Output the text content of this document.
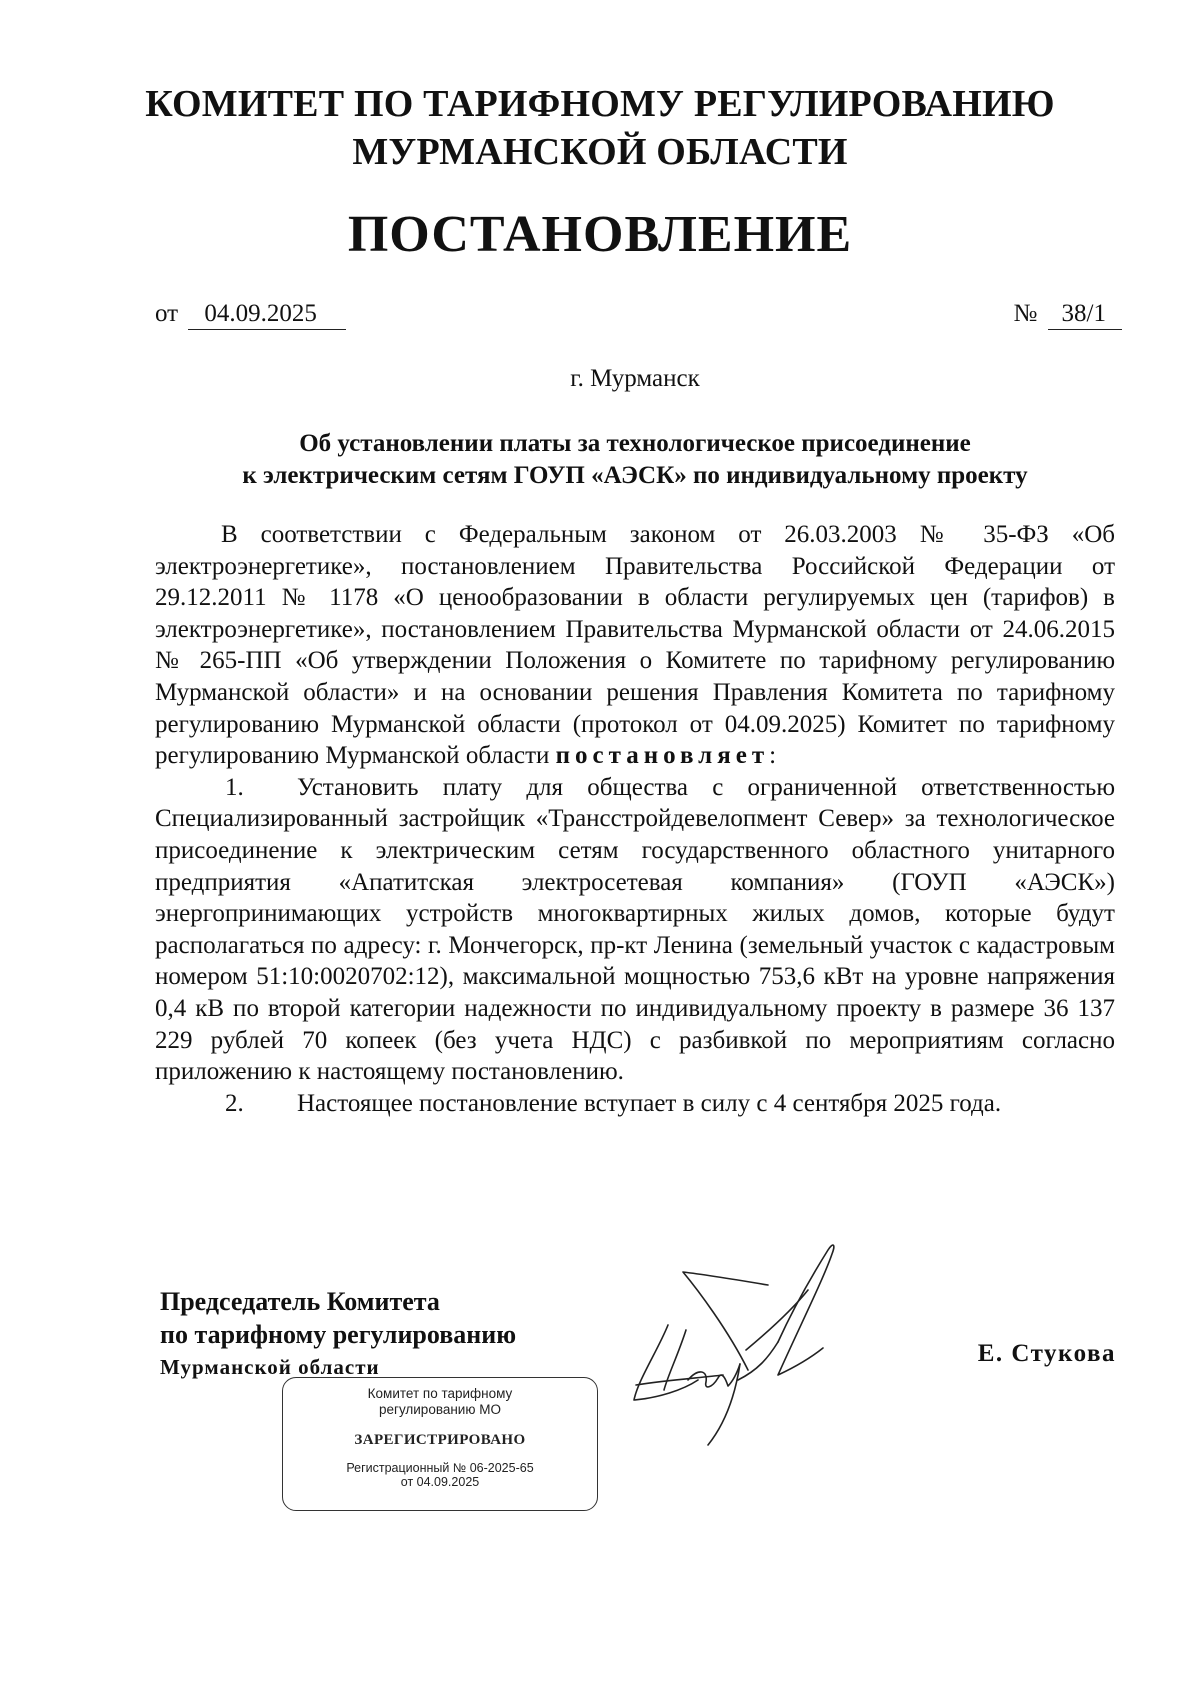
КОМИТЕТ ПО ТАРИФНОМУ РЕГУЛИРОВАНИЮ
МУРМАНСКОЙ ОБЛАСТИ
ПОСТАНОВЛЕНИЕ
от 04.09.2025	№ 38/1
г. Мурманск
Об установлении платы за технологическое присоединение
к электрическим сетям ГОУП «АЭСК» по индивидуальному проекту

В соответствии с Федеральным законом от 26.03.2003 № 35-ФЗ «Об электроэнергетике», постановлением Правительства Российской Федерации от 29.12.2011 № 1178 «О ценообразовании в области регулируемых цен (тарифов) в электроэнергетике», постановлением Правительства Мурманской области от 24.06.2015 № 265-ПП «Об утверждении Положения о Комитете по тарифному регулированию Мурманской области» и на основании решения Правления Комитета по тарифному регулированию Мурманской области (протокол от 04.09.2025) Комитет по тарифному регулированию Мурманской области постановляет:

1. Установить плату для общества с ограниченной ответственностью Специализированный застройщик «Трансстройдевелопмент Север» за технологическое присоединение к электрическим сетям государственного областного унитарного предприятия «Апатитская электросетевая компания» (ГОУП «АЭСК») энергопринимающих устройств многоквартирных жилых домов, которые будут располагаться по адресу: г. Мончегорск, пр-кт Ленина (земельный участок с кадастровым номером 51:10:0020702:12), максимальной мощностью 753,6 кВт на уровне напряжения 0,4 кВ по второй категории надежности по индивидуальному проекту в размере 36 137 229 рублей 70 копеек (без учета НДС) с разбивкой по мероприятиям согласно приложению к настоящему постановлению.

2. Настоящее постановление вступает в силу с 4 сентября 2025 года.

Председатель Комитета
по тарифному регулированию
Мурманской области	Е. Стукова
Комитет по тарифному
регулированию МО
ЗАРЕГИСТРИРОВАНО
Регистрационный № 06-2025-65
от 04.09.2025
